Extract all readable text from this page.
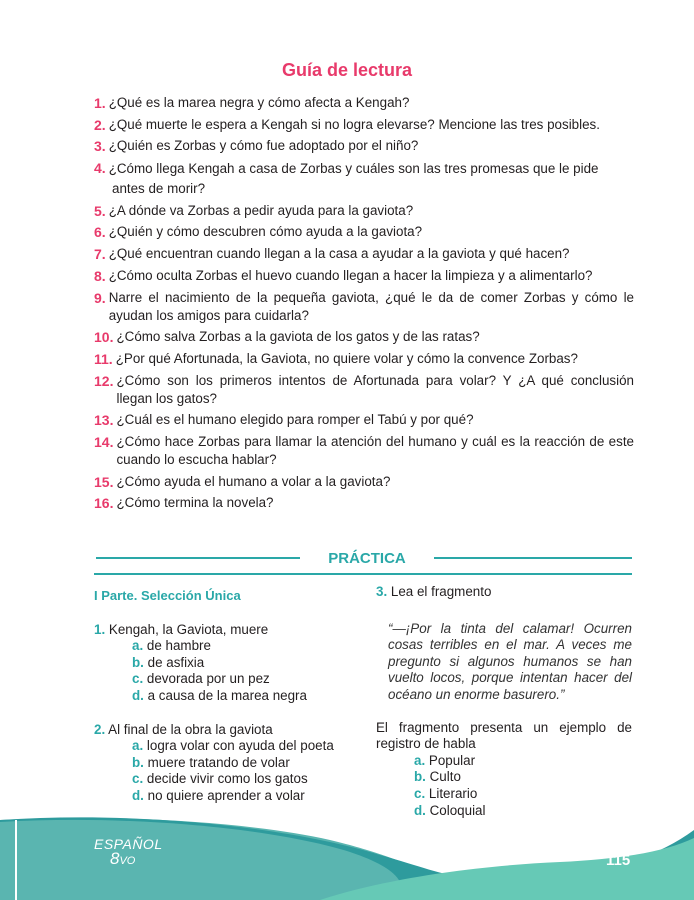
Guía de lectura
1. ¿Qué es la marea negra y cómo afecta a Kengah?
2. ¿Qué muerte le espera a Kengah si no logra elevarse? Mencione las tres posibles.
3. ¿Quién es Zorbas y cómo fue adoptado por el niño?
4. ¿Cómo llega Kengah a casa de Zorbas y cuáles son las tres promesas que le pide
antes de morir?
5. ¿A dónde va Zorbas a pedir ayuda para la gaviota?
6. ¿Quién y cómo descubren cómo ayuda a la gaviota?
7. ¿Qué encuentran cuando llegan a la casa a ayudar a la gaviota y qué hacen?
8. ¿Cómo oculta Zorbas el huevo cuando llegan a hacer la limpieza y a alimentarlo?
9. Narre el nacimiento de la pequeña gaviota, ¿qué le da de comer Zorbas y cómo le ayudan los amigos para cuidarla?
10. ¿Cómo salva Zorbas a la gaviota de los gatos y de las ratas?
11. ¿Por qué Afortunada, la Gaviota, no quiere volar y cómo la convence Zorbas?
12. ¿Cómo son los primeros intentos de Afortunada para volar? Y ¿A qué conclusión llegan los gatos?
13. ¿Cuál es el humano elegido para romper el Tabú y por qué?
14. ¿Cómo hace Zorbas para llamar la atención del humano y cuál es la reacción de este cuando lo escucha hablar?
15. ¿Cómo ayuda el humano a volar a la gaviota?
16. ¿Cómo termina la novela?
PRÁCTICA
I Parte. Selección Única
1. Kengah, la Gaviota, muere
a. de hambre
b. de asfixia
c. devorada por un pez
d. a causa de la marea negra
2. Al final de la obra la gaviota
a. logra volar con ayuda del poeta
b. muere tratando de volar
c. decide vivir como los gatos
d. no quiere aprender a volar
3. Lea el fragmento
“—¡Por la tinta del calamar! Ocurren cosas terribles en el mar. A veces me pregunto si algunos humanos se han vuelto locos, porque intentan hacer del océano un enorme basurero.”
El fragmento presenta un ejemplo de registro de habla
a. Popular
b. Culto
c. Literario
d. Coloquial
ESPAÑOL
8VO	115
